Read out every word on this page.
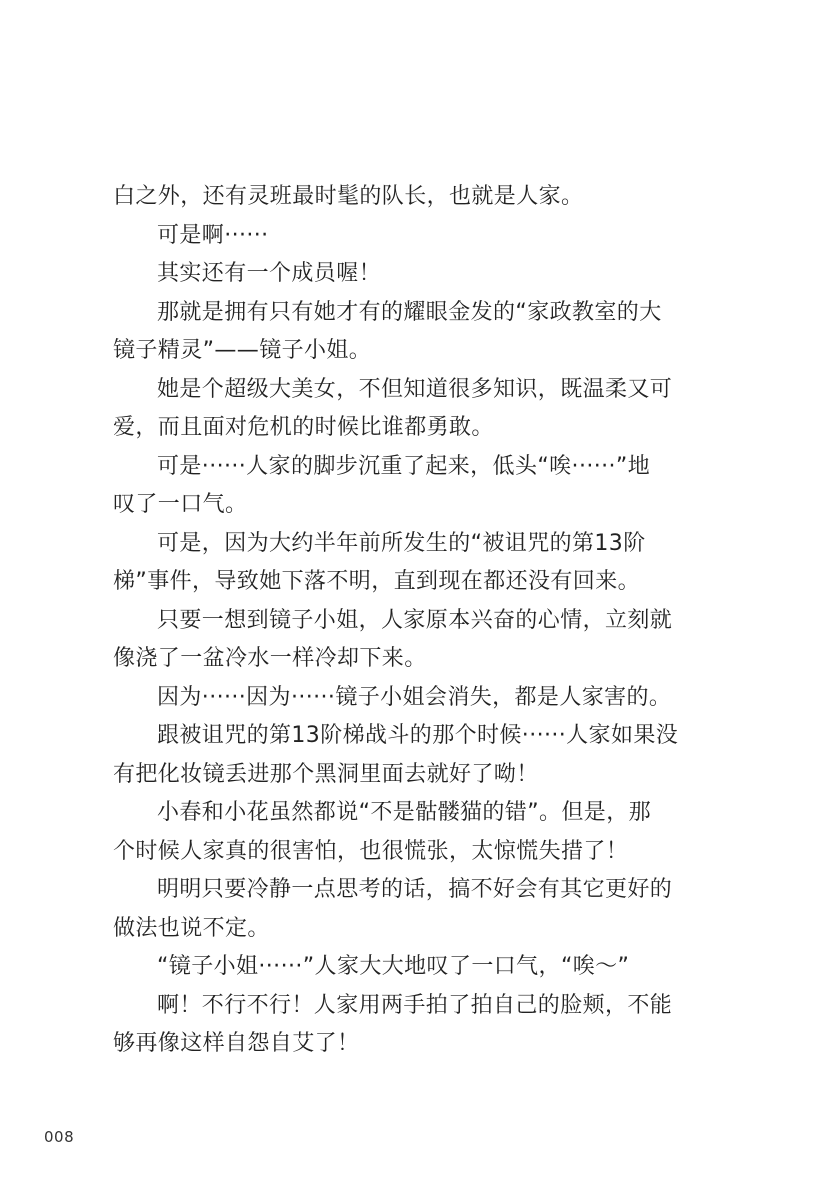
白之外，还有灵班最时髦的队长，也就是人家。
可是啊······
其实还有一个成员喔！
那就是拥有只有她才有的耀眼金发的“家政教室的大
镜子精灵”——镜子小姐。
她是个超级大美女，不但知道很多知识，既温柔又可
爱，而且面对危机的时候比谁都勇敢。
可是······人家的脚步沉重了起来，低头“唉······”地
叹了一口气。
可是，因为大约半年前所发生的“被诅咒的第13阶
梯”事件，导致她下落不明，直到现在都还没有回来。
只要一想到镜子小姐，人家原本兴奋的心情，立刻就
像浇了一盆冷水一样冷却下来。
因为······因为······镜子小姐会消失，都是人家害的。
跟被诅咒的第13阶梯战斗的那个时候······人家如果没
有把化妆镜丢进那个黑洞里面去就好了呦！
小春和小花虽然都说“不是骷髅猫的错”。但是，那
个时候人家真的很害怕，也很慌张，太惊慌失措了！
明明只要冷静一点思考的话，搞不好会有其它更好的
做法也说不定。
“镜子小姐······”人家大大地叹了一口气，“唉～”
啊！不行不行！人家用两手拍了拍自己的脸颊，不能
够再像这样自怨自艾了！
008
